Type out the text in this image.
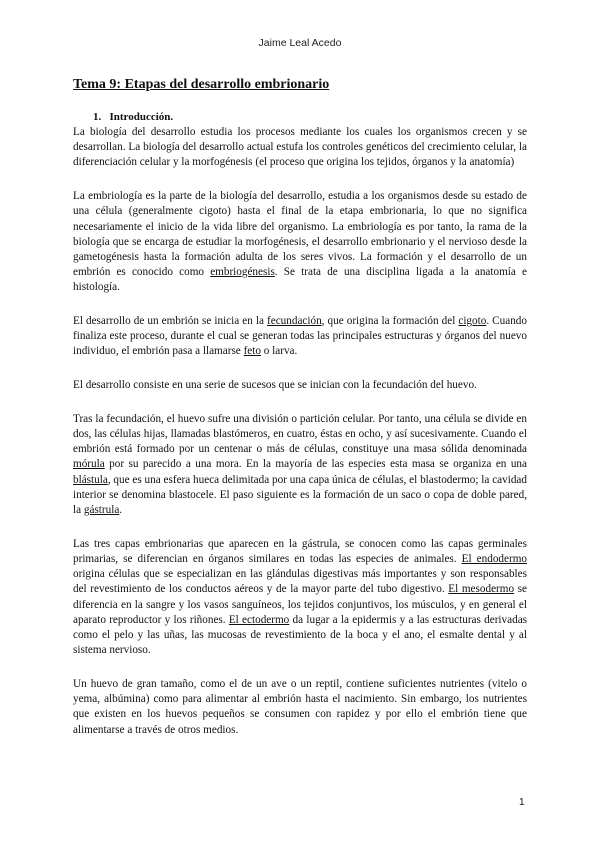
Jaime Leal Acedo
Tema 9: Etapas del desarrollo embrionario
1. Introducción.

La biología del desarrollo estudia los procesos mediante los cuales los organismos crecen y se desarrollan. La biología del desarrollo actual estufa los controles genéticos del crecimiento celular, la diferenciación celular y la morfogénesis (el proceso que origina los tejidos, órganos y la anatomía)

La embriología es la parte de la biología del desarrollo, estudia a los organismos desde su estado de una célula (generalmente cigoto) hasta el final de la etapa embrionaria, lo que no significa necesariamente el inicio de la vida libre del organismo. La embriología es por tanto, la rama de la biología que se encarga de estudiar la morfogénesis, el desarrollo embrionario y el nervioso desde la gametogénesis hasta la formación adulta de los seres vivos. La formación y el desarrollo de un embrión es conocido como embriogénesis. Se trata de una disciplina ligada a la anatomía e histología.

El desarrollo de un embrión se inicia en la fecundación, que origina la formación del cigoto. Cuando finaliza este proceso, durante el cual se generan todas las principales estructuras y órganos del nuevo individuo, el embrión pasa a llamarse feto o larva.

El desarrollo consiste en una serie de sucesos que se inician con la fecundación del huevo.

Tras la fecundación, el huevo sufre una división o partición celular. Por tanto, una célula se divide en dos, las células hijas, llamadas blastómeros, en cuatro, éstas en ocho, y así sucesivamente. Cuando el embrión está formado por un centenar o más de células, constituye una masa sólida denominada mórula por su parecido a una mora. En la mayoría de las especies esta masa se organiza en una blástula, que es una esfera hueca delimitada por una capa única de células, el blastodermo; la cavidad interior se denomina blastocele. El paso siguiente es la formación de un saco o copa de doble pared, la gástrula.

Las tres capas embrionarias que aparecen en la gástrula, se conocen como las capas germinales primarias, se diferencian en órganos similares en todas las especies de animales. El endodermo origina células que se especializan en las glándulas digestivas más importantes y son responsables del revestimiento de los conductos aéreos y de la mayor parte del tubo digestivo. El mesodermo se diferencia en la sangre y los vasos sanguíneos, los tejidos conjuntivos, los músculos, y en general el aparato reproductor y los riñones. El ectodermo da lugar a la epidermis y a las estructuras derivadas como el pelo y las uñas, las mucosas de revestimiento de la boca y el ano, el esmalte dental y al sistema nervioso.

Un huevo de gran tamaño, como el de un ave o un reptil, contiene suficientes nutrientes (vitelo o yema, albúmina) como para alimentar al embrión hasta el nacimiento. Sin embargo, los nutrientes que existen en los huevos pequeños se consumen con rapidez y por ello el embrión tiene que alimentarse a través de otros medios.

1
